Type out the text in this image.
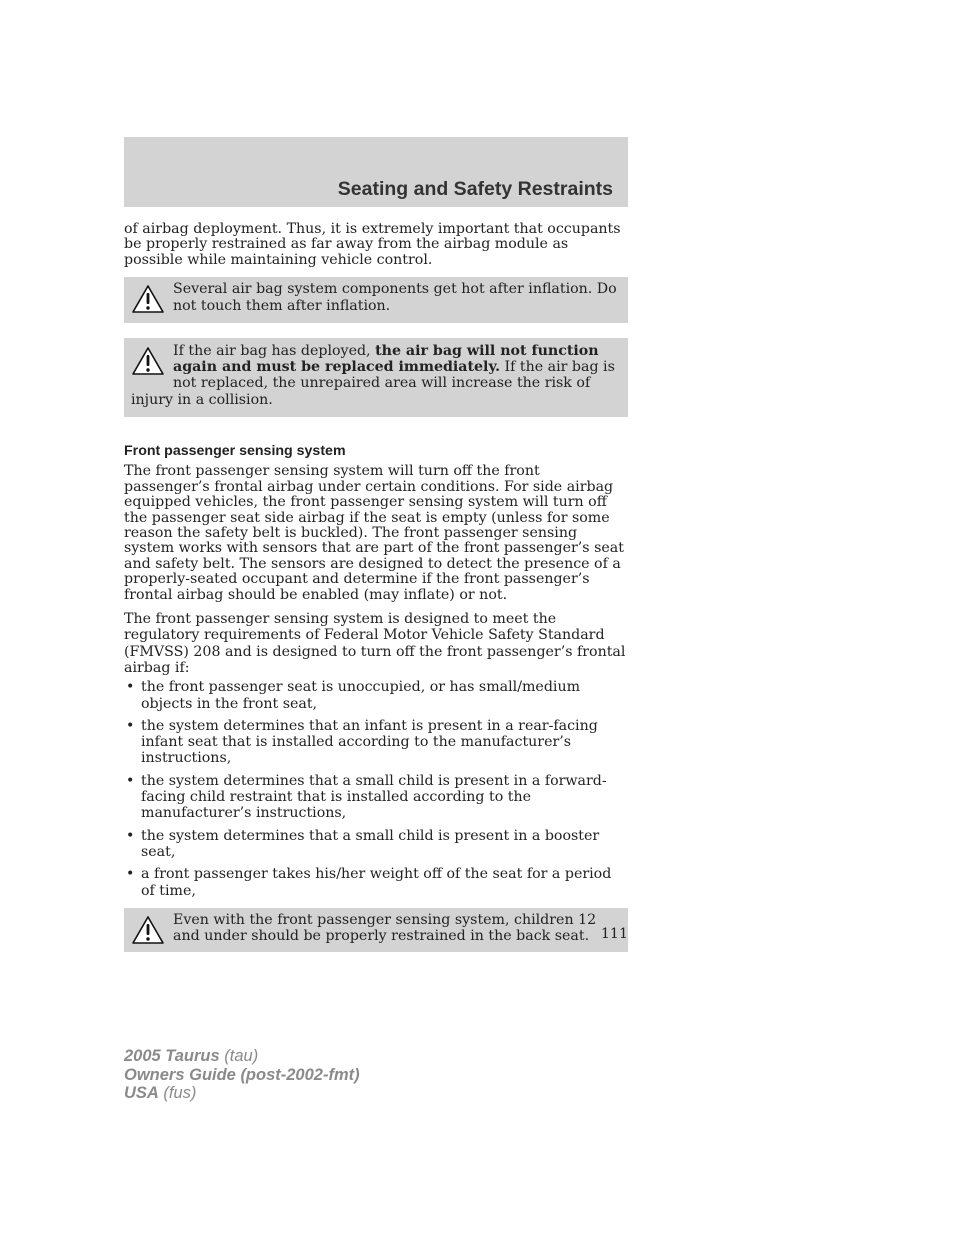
Seating and Safety Restraints

of airbag deployment. Thus, it is extremely important that occupants be properly restrained as far away from the airbag module as possible while maintaining vehicle control.

Several air bag system components get hot after inflation. Do not touch them after inflation.

If the air bag has deployed, the air bag will not function again and must be replaced immediately. If the air bag is not replaced, the unrepaired area will increase the risk of injury in a collision.

Front passenger sensing system

The front passenger sensing system will turn off the front passenger’s frontal airbag under certain conditions. For side airbag equipped vehicles, the front passenger sensing system will turn off the passenger seat side airbag if the seat is empty (unless for some reason the safety belt is buckled). The front passenger sensing system works with sensors that are part of the front passenger’s seat and safety belt. The sensors are designed to detect the presence of a properly-seated occupant and determine if the front passenger’s frontal airbag should be enabled (may inflate) or not.

The front passenger sensing system is designed to meet the regulatory requirements of Federal Motor Vehicle Safety Standard (FMVSS) 208 and is designed to turn off the front passenger’s frontal airbag if:

• the front passenger seat is unoccupied, or has small/medium objects in the front seat,
• the system determines that an infant is present in a rear-facing infant seat that is installed according to the manufacturer’s instructions,
• the system determines that a small child is present in a forward-facing child restraint that is installed according to the manufacturer’s instructions,
• the system determines that a small child is present in a booster seat,
• a front passenger takes his/her weight off of the seat for a period of time,

Even with the front passenger sensing system, children 12 and under should be properly restrained in the back seat. 111

2005 Taurus (tau)
Owners Guide (post-2002-fmt)
USA (fus)
